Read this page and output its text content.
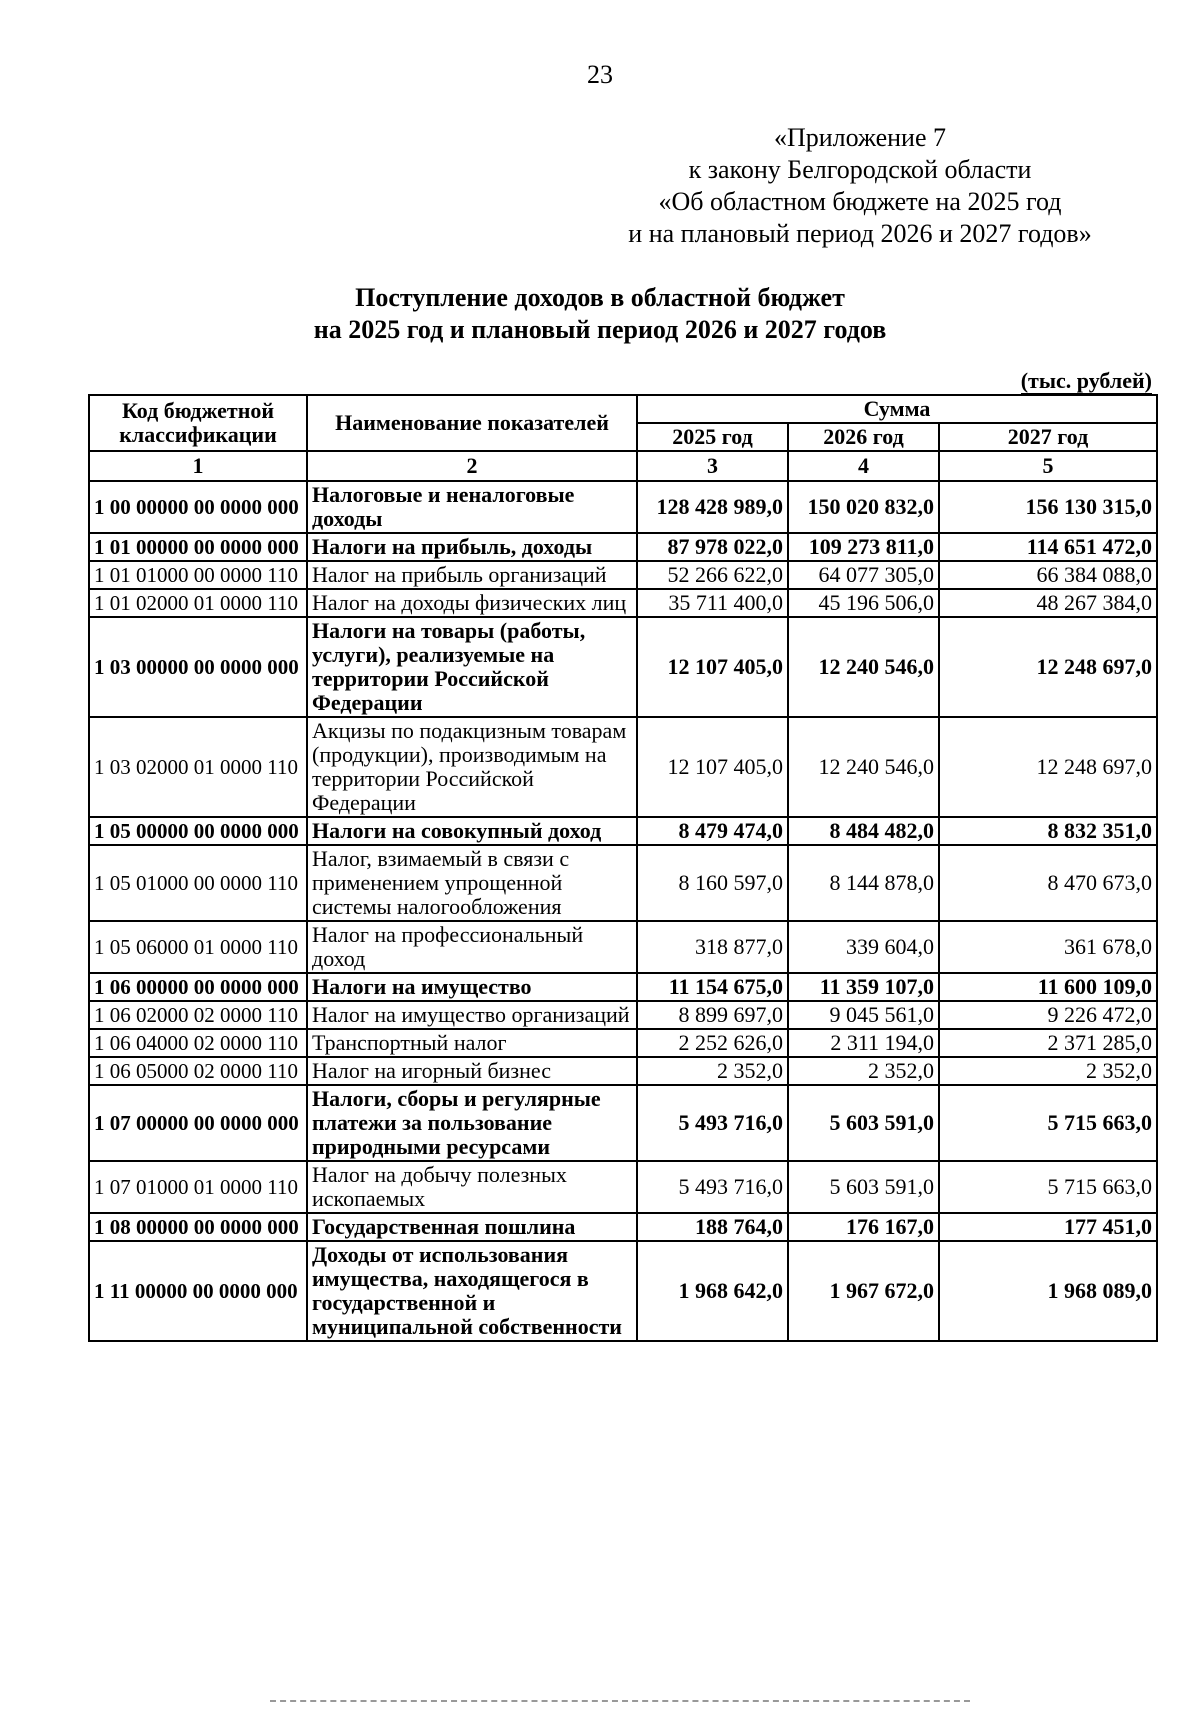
23
«Приложение 7
к закону Белгородской области
«Об областном бюджете на 2025 год
и на плановый период 2026 и 2027 годов»
Поступление доходов в областной бюджет
на 2025 год и плановый период 2026 и 2027 годов
(тыс. рублей)
Код бюджетной классификации	Наименование показателей	Сумма		
		2025 год	2026 год	2027 год
1	2	3	4	5
1 00 00000 00 0000 000	Налоговые и неналоговые доходы	128 428 989,0	150 020 832,0	156 130 315,0
1 01 00000 00 0000 000	Налоги на прибыль, доходы	87 978 022,0	109 273 811,0	114 651 472,0
1 01 01000 00 0000 110	Налог на прибыль организаций	52 266 622,0	64 077 305,0	66 384 088,0
1 01 02000 01 0000 110	Налог на доходы физических лиц	35 711 400,0	45 196 506,0	48 267 384,0
1 03 00000 00 0000 000	Налоги на товары (работы, услуги), реализуемые на территории Российской Федерации	12 107 405,0	12 240 546,0	12 248 697,0
1 03 02000 01 0000 110	Акцизы по подакцизным товарам (продукции), производимым на территории Российской Федерации	12 107 405,0	12 240 546,0	12 248 697,0
1 05 00000 00 0000 000	Налоги на совокупный доход	8 479 474,0	8 484 482,0	8 832 351,0
1 05 01000 00 0000 110	Налог, взимаемый в связи с применением упрощенной системы налогообложения	8 160 597,0	8 144 878,0	8 470 673,0
1 05 06000 01 0000 110	Налог на профессиональный доход	318 877,0	339 604,0	361 678,0
1 06 00000 00 0000 000	Налоги на имущество	11 154 675,0	11 359 107,0	11 600 109,0
1 06 02000 02 0000 110	Налог на имущество организаций	8 899 697,0	9 045 561,0	9 226 472,0
1 06 04000 02 0000 110	Транспортный налог	2 252 626,0	2 311 194,0	2 371 285,0
1 06 05000 02 0000 110	Налог на игорный бизнес	2 352,0	2 352,0	2 352,0
1 07 00000 00 0000 000	Налоги, сборы и регулярные платежи за пользование природными ресурсами	5 493 716,0	5 603 591,0	5 715 663,0
1 07 01000 01 0000 110	Налог на добычу полезных ископаемых	5 493 716,0	5 603 591,0	5 715 663,0
1 08 00000 00 0000 000	Государственная пошлина	188 764,0	176 167,0	177 451,0
1 11 00000 00 0000 000	Доходы от использования имущества, находящегося в государственной и муниципальной собственности	1 968 642,0	1 967 672,0	1 968 089,0
